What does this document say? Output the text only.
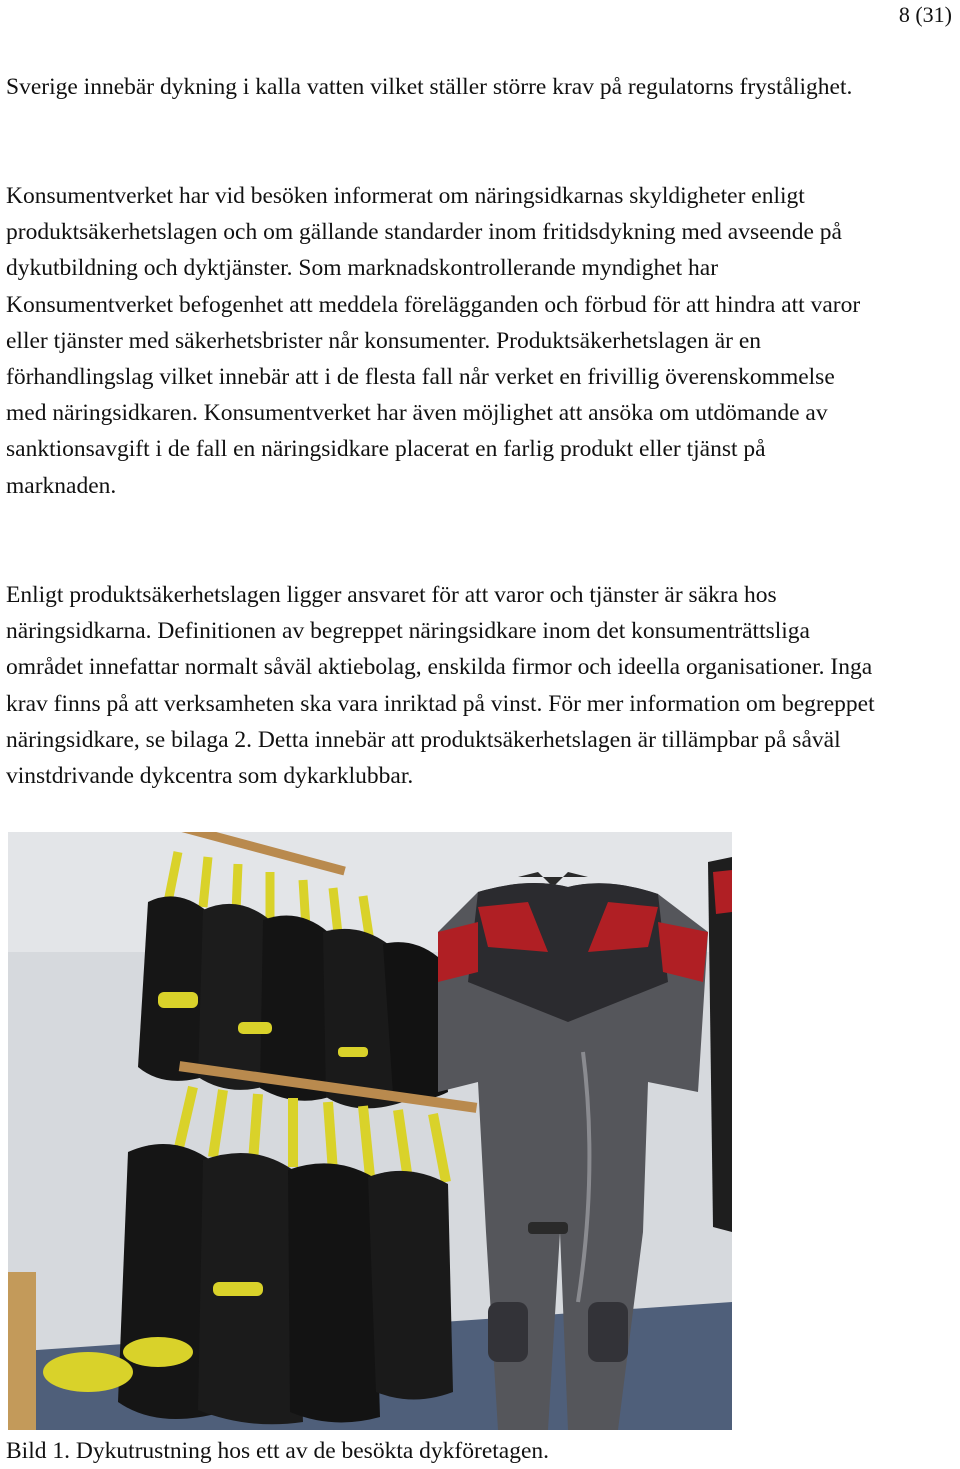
8 (31)

Sverige innebär dykning i kalla vatten vilket ställer större krav på regulatorns frystålighet.

Konsumentverket har vid besöken informerat om näringsidkarnas skyldigheter enligt produktsäkerhetslagen och om gällande standarder inom fritidsdykning med avseende på dykutbildning och dyktjänster. Som marknadskontrollerande myndighet har Konsumentverket befogenhet att meddela förelägganden och förbud för att hindra att varor eller tjänster med säkerhetsbrister når konsumenter. Produktsäkerhetslagen är en förhandlingslag vilket innebär att i de flesta fall når verket en frivillig överenskommelse med näringsidkaren. Konsumentverket har även möjlighet att ansöka om utdömande av sanktionsavgift i de fall en näringsidkare placerat en farlig produkt eller tjänst på marknaden.

Enligt produktsäkerhetslagen ligger ansvaret för att varor och tjänster är säkra hos näringsidkarna. Definitionen av begreppet näringsidkare inom det konsumenträttsliga området innefattar normalt såväl aktiebolag, enskilda firmor och ideella organisationer. Inga krav finns på att verksamheten ska vara inriktad på vinst. För mer information om begreppet näringsidkare, se bilaga 2. Detta innebär att produktsäkerhetslagen är tillämpbar på såväl vinstdrivande dykcentra som dykarklubbar.

Bild 1. Dykutrustning hos ett av de besökta dykföretagen.
